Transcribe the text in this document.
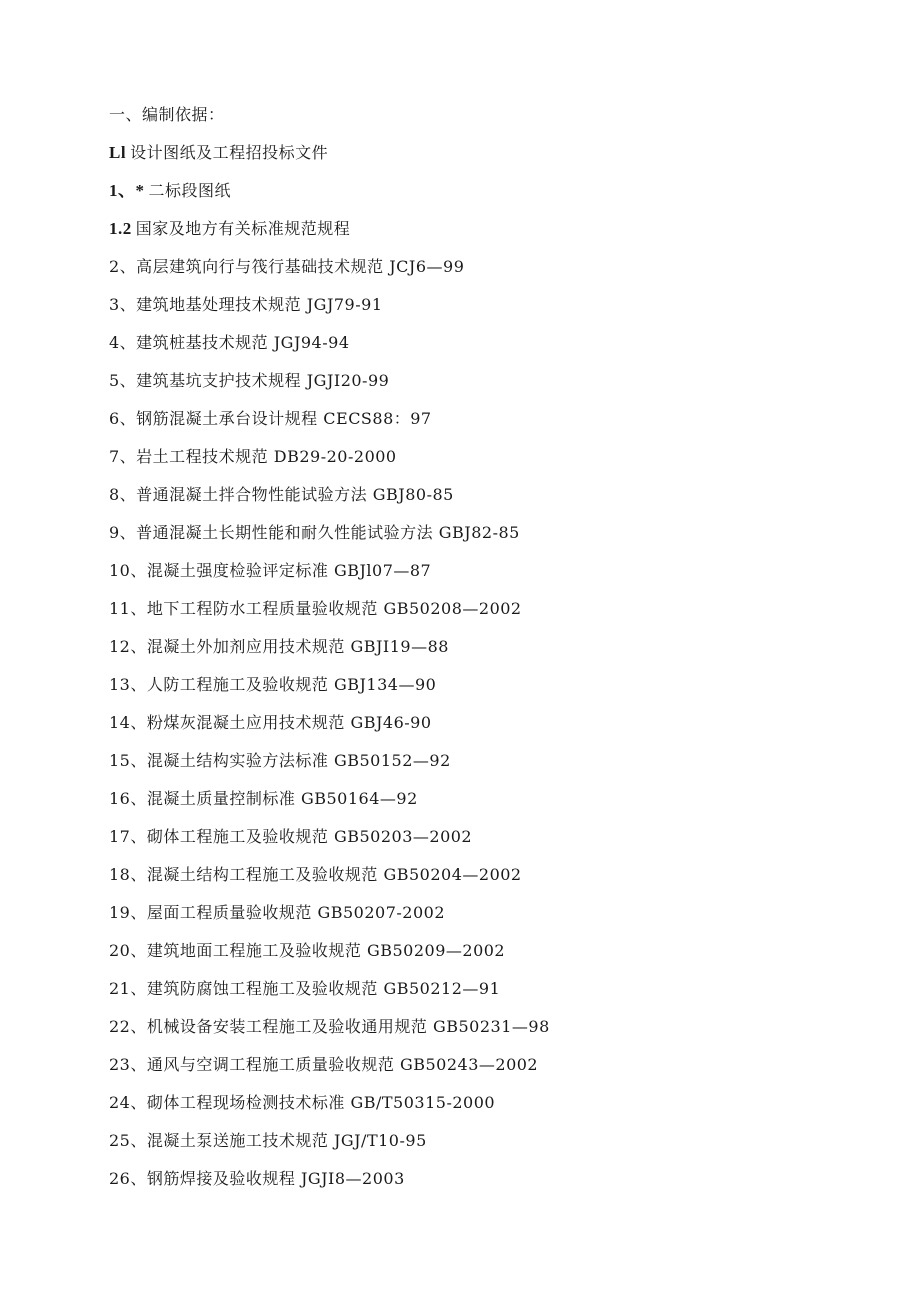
一、编制依据：
Ll 设计图纸及工程招投标文件
1、* 二标段图纸
1.2 国家及地方有关标准规范规程
2、高层建筑向行与筏行基础技术规范 JCJ6—99
3、建筑地基处理技术规范 JGJ79-91
4、建筑桩基技术规范 JGJ94-94
5、建筑基坑支护技术规程 JGJI20-99
6、钢筋混凝土承台设计规程 CECS88：97
7、岩土工程技术规范 DB29-20-2000
8、普通混凝土拌合物性能试验方法 GBJ80-85
9、普通混凝土长期性能和耐久性能试验方法 GBJ82-85
10、混凝土强度检验评定标准 GBJl07—87
11、地下工程防水工程质量验收规范 GB50208—2002
12、混凝土外加剂应用技术规范 GBJI19—88
13、人防工程施工及验收规范 GBJ134—90
14、粉煤灰混凝土应用技术规范 GBJ46-90
15、混凝土结构实验方法标准 GB50152—92
16、混凝土质量控制标准 GB50164—92
17、砌体工程施工及验收规范 GB50203—2002
18、混凝土结构工程施工及验收规范 GB50204—2002
19、屋面工程质量验收规范 GB50207-2002
20、建筑地面工程施工及验收规范 GB50209—2002
21、建筑防腐蚀工程施工及验收规范 GB50212—91
22、机械设备安装工程施工及验收通用规范 GB50231—98
23、通风与空调工程施工质量验收规范 GB50243—2002
24、砌体工程现场检测技术标准 GB/T50315-2000
25、混凝土泵送施工技术规范 JGJ/T10-95
26、钢筋焊接及验收规程 JGJI8—2003
